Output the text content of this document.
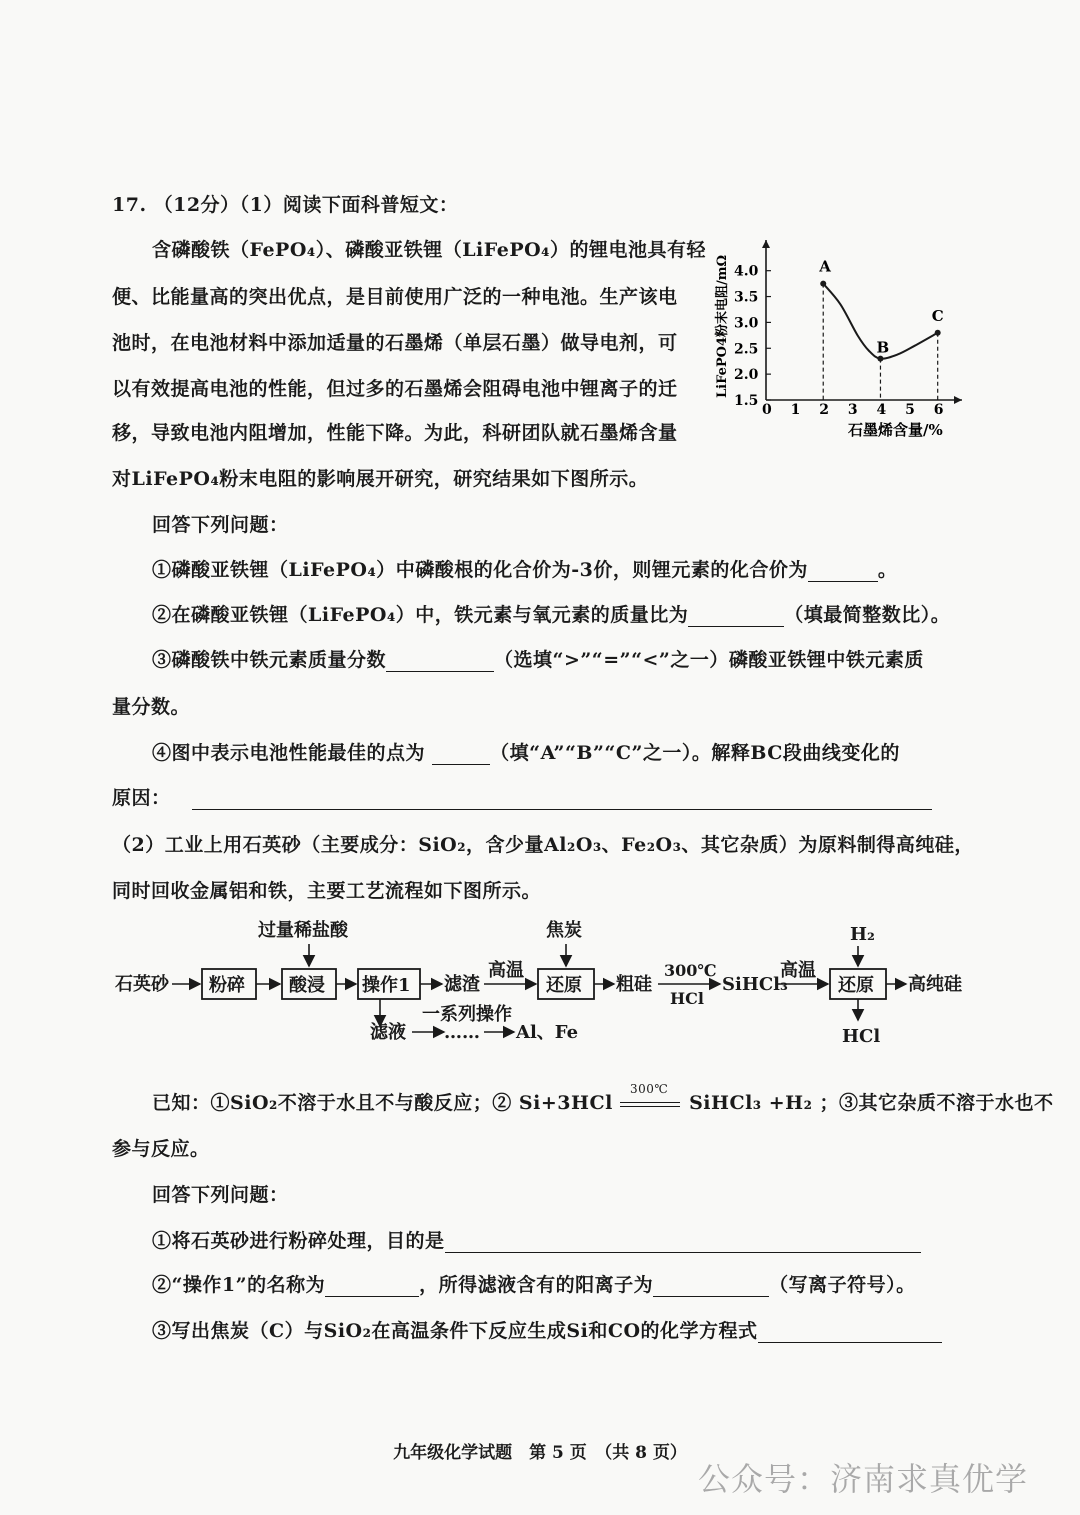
17. （12分）（1）阅读下面科普短文：
含磷酸铁（FePO₄）、磷酸亚铁锂（LiFePO₄）的锂电池具有轻
便、比能量高的突出优点，是目前使用广泛的一种电池。生产该电
池时，在电池材料中添加适量的石墨烯（单层石墨）做导电剂，可
以有效提高电池的性能，但过多的石墨烯会阻碍电池中锂离子的迁
移，导致电池内阻增加，性能下降。为此，科研团队就石墨烯含量
对LiFePO₄粉末电阻的影响展开研究，研究结果如下图所示。
0 1 2 3 4 5 6
1.5
2.0
2.5
3.0
3.5
4.0
LiFePO4粉末电阻/mΩ
石墨烯含量/%
A
B
C
回答下列问题：
①磷酸亚铁锂（LiFePO₄）中磷酸根的化合价为-3价，则锂元素的化合价为	。
②在磷酸亚铁锂（LiFePO₄）中，铁元素与氧元素的质量比为	（填最简整数比）。
③磷酸铁中铁元素质量分数	（选填“>”“=”“<”之一）磷酸亚铁锂中铁元素质
量分数。
④图中表示电池性能最佳的点为	（填“A”“B”“C”之一）。解释BC段曲线变化的
原因：
（2）工业上用石英砂（主要成分：SiO₂，含少量Al₂O₃、Fe₂O₃、其它杂质）为原料制得高纯硅，
同时回收金属铝和铁，主要工艺流程如下图所示。
石英砂 粉碎
过量稀盐酸
酸浸 操作1 滤渣
高温
焦炭
还原 粗硅
300℃
HCl
SiHCl₃
高温
H₂
还原 高纯硅
HCl
滤液 ……
一系列操作
Al、Fe
已知：①SiO₂不溶于水且不与酸反应；② Si+3HCl
300℃
SiHCl₃ +H₂ ；③其它杂质不溶于水也不
参与反应。
回答下列问题：
①将石英砂进行粉碎处理，目的是
②“操作1”的名称为	，所得滤液含有的阳离子为	（写离子符号）。
③写出焦炭（C）与SiO₂在高温条件下反应生成Si和CO的化学方程式
九年级化学试题　第 5 页　（共 8 页）
公众号：济南求真优学
